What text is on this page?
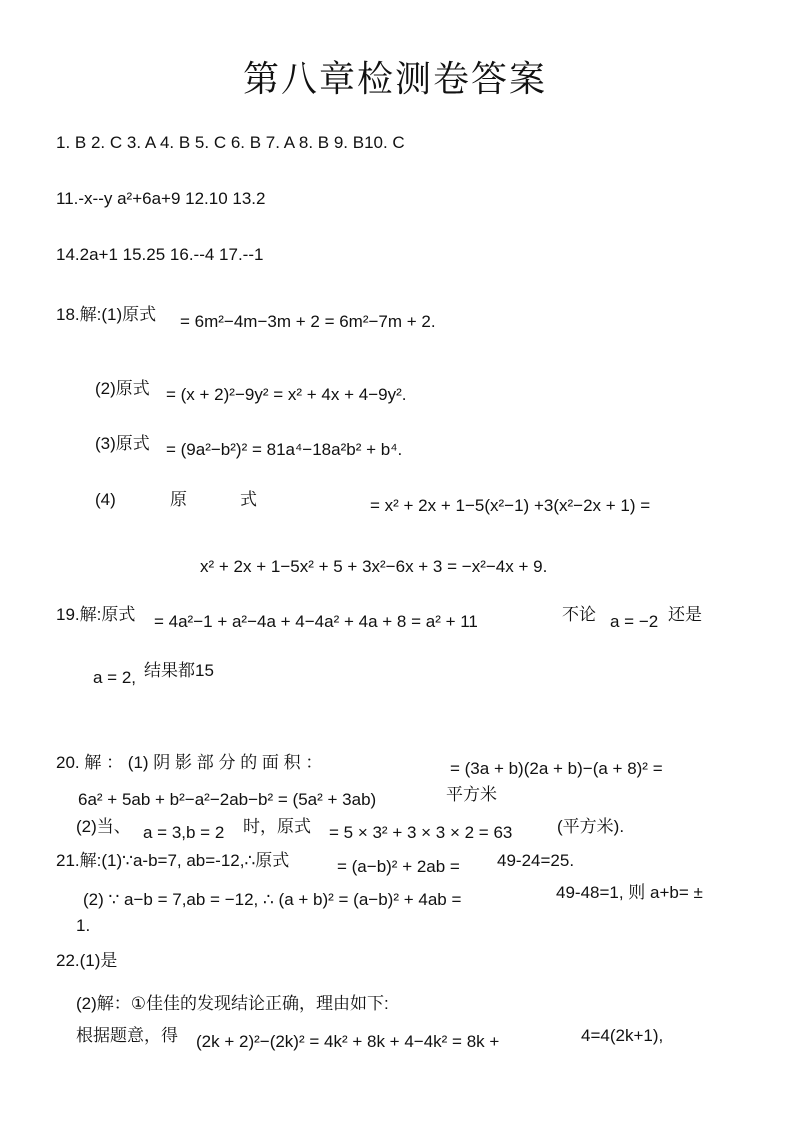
第八章检测卷答案
1. B 2. C 3. A 4. B 5. C 6. B 7. A 8. B 9. B10. C
11.-x--y a²+6a+9 12.10 13.2
14.2a+1 15.25 16.--4 17.--1
18.解:(1)原式 = 6m²−4m−3m + 2 = 6m²−7m + 2.
(2)原式 = (x + 2)²−9y² = x² + 4x + 4−9y².
(3)原式 = (9a²−b²)² = 81a⁴−18a²b² + b⁴.
(4)	原	式	= x² + 2x + 1−5(x²−1) +3(x²−2x + 1) =
x² + 2x + 1−5x² + 5 + 3x²−6x + 3 = −x²−4x + 9.
19.解:原式 = 4a²−1 + a²−4a + 4−4a² + 4a + 8 = a² + 11	不论 a = −2 还是
a = 2, 结果都15
20. 解 ： (1) 阴 影 部 分 的 面 积 ：	= (3a + b)(2a + b)−(a + 8)² =
6a² + 5ab + b²−a²−2ab−b² = (5a² + 3ab)	平方米
(2)当、 a = 3,b = 2 时，原式 = 5 × 3² + 3 × 3 × 2 = 63	(平方米).
21.解:(1)∵a-b=7, ab=-12,∴原式	= (a−b)² + 2ab = 49-24=25.
(2) ∵ a−b = 7,ab = −12, ∴ (a + b)² = (a−b)² + 4ab =	49-48=1, 则 a+b= ±
1.
22.(1)是
(2)解：①佳佳的发现结论正确，理由如下:
根据题意，得 (2k + 2)²−(2k)² = 4k² + 8k + 4−4k² = 8k +	4=4(2k+1),
